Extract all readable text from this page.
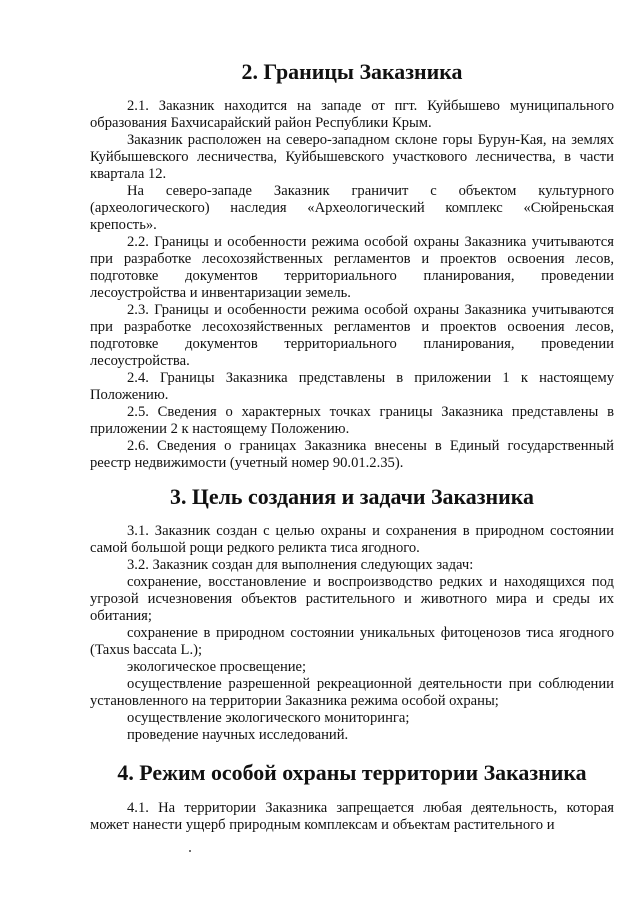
2. Границы Заказника

2.1. Заказник находится на западе от пгт. Куйбышево муниципального образования Бахчисарайский район Республики Крым.

Заказник расположен на северо-западном склоне горы Бурун-Кая, на землях Куйбышевского лесничества, Куйбышевского участкового лесничества, в части квартала 12.

На северо-западе Заказник граничит с объектом культурного (археологического) наследия «Археологический комплекс «Сюйреньская крепость».

2.2. Границы и особенности режима особой охраны Заказника учитываются при разработке лесохозяйственных регламентов и проектов освоения лесов, подготовке документов территориального планирования, проведении лесоустройства и инвентаризации земель.

2.3. Границы и особенности режима особой охраны Заказника учитываются при разработке лесохозяйственных регламентов и проектов освоения лесов, подготовке документов территориального планирования, проведении лесоустройства.

2.4. Границы Заказника представлены в приложении 1 к настоящему Положению.

2.5. Сведения о характерных точках границы Заказника представлены в приложении 2 к настоящему Положению.

2.6. Сведения о границах Заказника внесены в Единый государственный реестр недвижимости (учетный номер 90.01.2.35).

3. Цель создания и задачи Заказника

3.1. Заказник создан с целью охраны и сохранения в природном состоянии самой большой рощи редкого реликта тиса ягодного.

3.2. Заказник создан для выполнения следующих задач:

сохранение, восстановление и воспроизводство редких и находящихся под угрозой исчезновения объектов растительного и животного мира и среды их обитания;

сохранение в природном состоянии уникальных фитоценозов тиса ягодного (Taxus baccata L.);

экологическое просвещение;

осуществление разрешенной рекреационной деятельности при соблюдении установленного на территории Заказника режима особой охраны;

осуществление экологического мониторинга;

проведение научных исследований.

4. Режим особой охраны территории Заказника

4.1. На территории Заказника запрещается любая деятельность, которая может нанести ущерб природным комплексам и объектам растительного и
